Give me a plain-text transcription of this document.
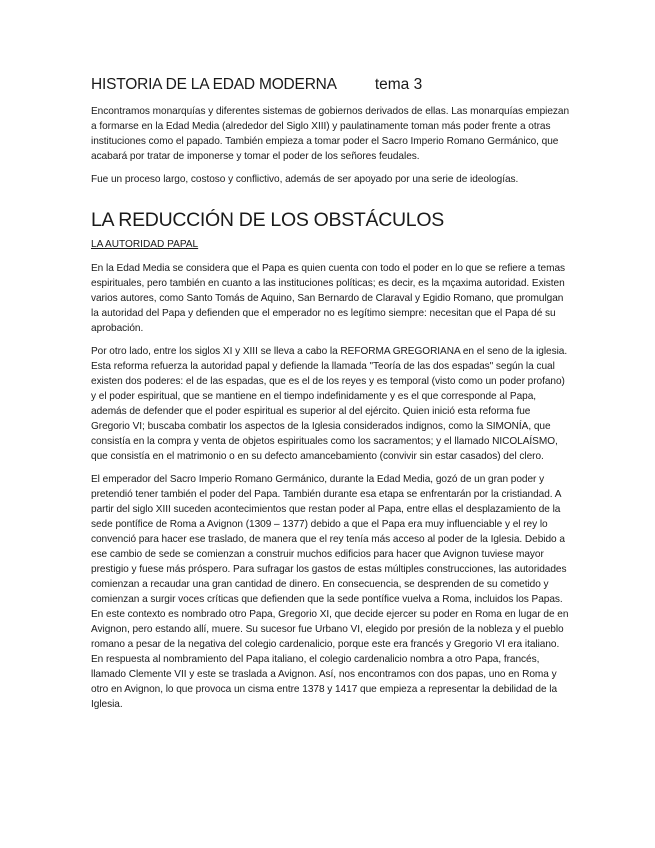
HISTORIA DE LA EDAD MODERNA tema 3

Encontramos monarquías y diferentes sistemas de gobiernos derivados de ellas. Las monarquías empiezan a formarse en la Edad Media (alrededor del Siglo XIII) y paulatinamente toman más poder frente a otras instituciones como el papado. También empieza a tomar poder el Sacro Imperio Romano Germánico, que acabará por tratar de imponerse y tomar el poder de los señores feudales.

Fue un proceso largo, costoso y conflictivo, además de ser apoyado por una serie de ideologías.

LA REDUCCIÓN DE LOS OBSTÁCULOS
LA AUTORIDAD PAPAL

En la Edad Media se considera que el Papa es quien cuenta con todo el poder en lo que se refiere a temas espirituales, pero también en cuanto a las instituciones políticas; es decir, es la mçaxima autoridad. Existen varios autores, como Santo Tomás de Aquino, San Bernardo de Claraval y Egidio Romano, que promulgan la autoridad del Papa y defienden que el emperador no es legítimo siempre: necesitan que el Papa dé su aprobación.

Por otro lado, entre los siglos XI y XIII se lleva a cabo la REFORMA GREGORIANA en el seno de la iglesia. Esta reforma refuerza la autoridad papal y defiende la llamada "Teoría de las dos espadas" según la cual existen dos poderes: el de las espadas, que es el de los reyes y es temporal (visto como un poder profano) y el poder espiritual, que se mantiene en el tiempo indefinidamente y es el que corresponde al Papa, además de defender que el poder espiritual es superior al del ejército. Quien inició esta reforma fue Gregorio VI; buscaba combatir los aspectos de la Iglesia considerados indignos, como la SIMONÍA, que consistía en la compra y venta de objetos espirituales como los sacramentos; y el llamado NICOLAÍSMO, que consistía en el matrimonio o en su defecto amancebamiento (convivir sin estar casados) del clero.

El emperador del Sacro Imperio Romano Germánico, durante la Edad Media, gozó de un gran poder y pretendió tener también el poder del Papa. También durante esa etapa se enfrentarán por la cristiandad. A partir del siglo XIII suceden acontecimientos que restan poder al Papa, entre ellas el desplazamiento de la sede pontífice de Roma a Avignon (1309 – 1377) debido a que el Papa era muy influenciable y el rey lo convenció para hacer ese traslado, de manera que el rey tenía más acceso al poder de la Iglesia. Debido a ese cambio de sede se comienzan a construir muchos edificios para hacer que Avignon tuviese mayor prestigio y fuese más próspero. Para sufragar los gastos de estas múltiples construcciones, las autoridades comienzan a recaudar una gran cantidad de dinero. En consecuencia, se desprenden de su cometido y comienzan a surgir voces críticas que defienden que la sede pontífice vuelva a Roma, incluidos los Papas.

En este contexto es nombrado otro Papa, Gregorio XI, que decide ejercer su poder en Roma en lugar de en Avignon, pero estando allí, muere. Su sucesor fue Urbano VI, elegido por presión de la nobleza y el pueblo romano a pesar de la negativa del colegio cardenalicio, porque este era francés y Gregorio VI era italiano. En respuesta al nombramiento del Papa italiano, el colegio cardenalicio nombra a otro Papa, francés, llamado Clemente VII y este se traslada a Avignon. Así, nos encontramos con dos papas, uno en Roma y otro en Avignon, lo que provoca un cisma entre 1378 y 1417 que empieza a representar la debilidad de la Iglesia.
